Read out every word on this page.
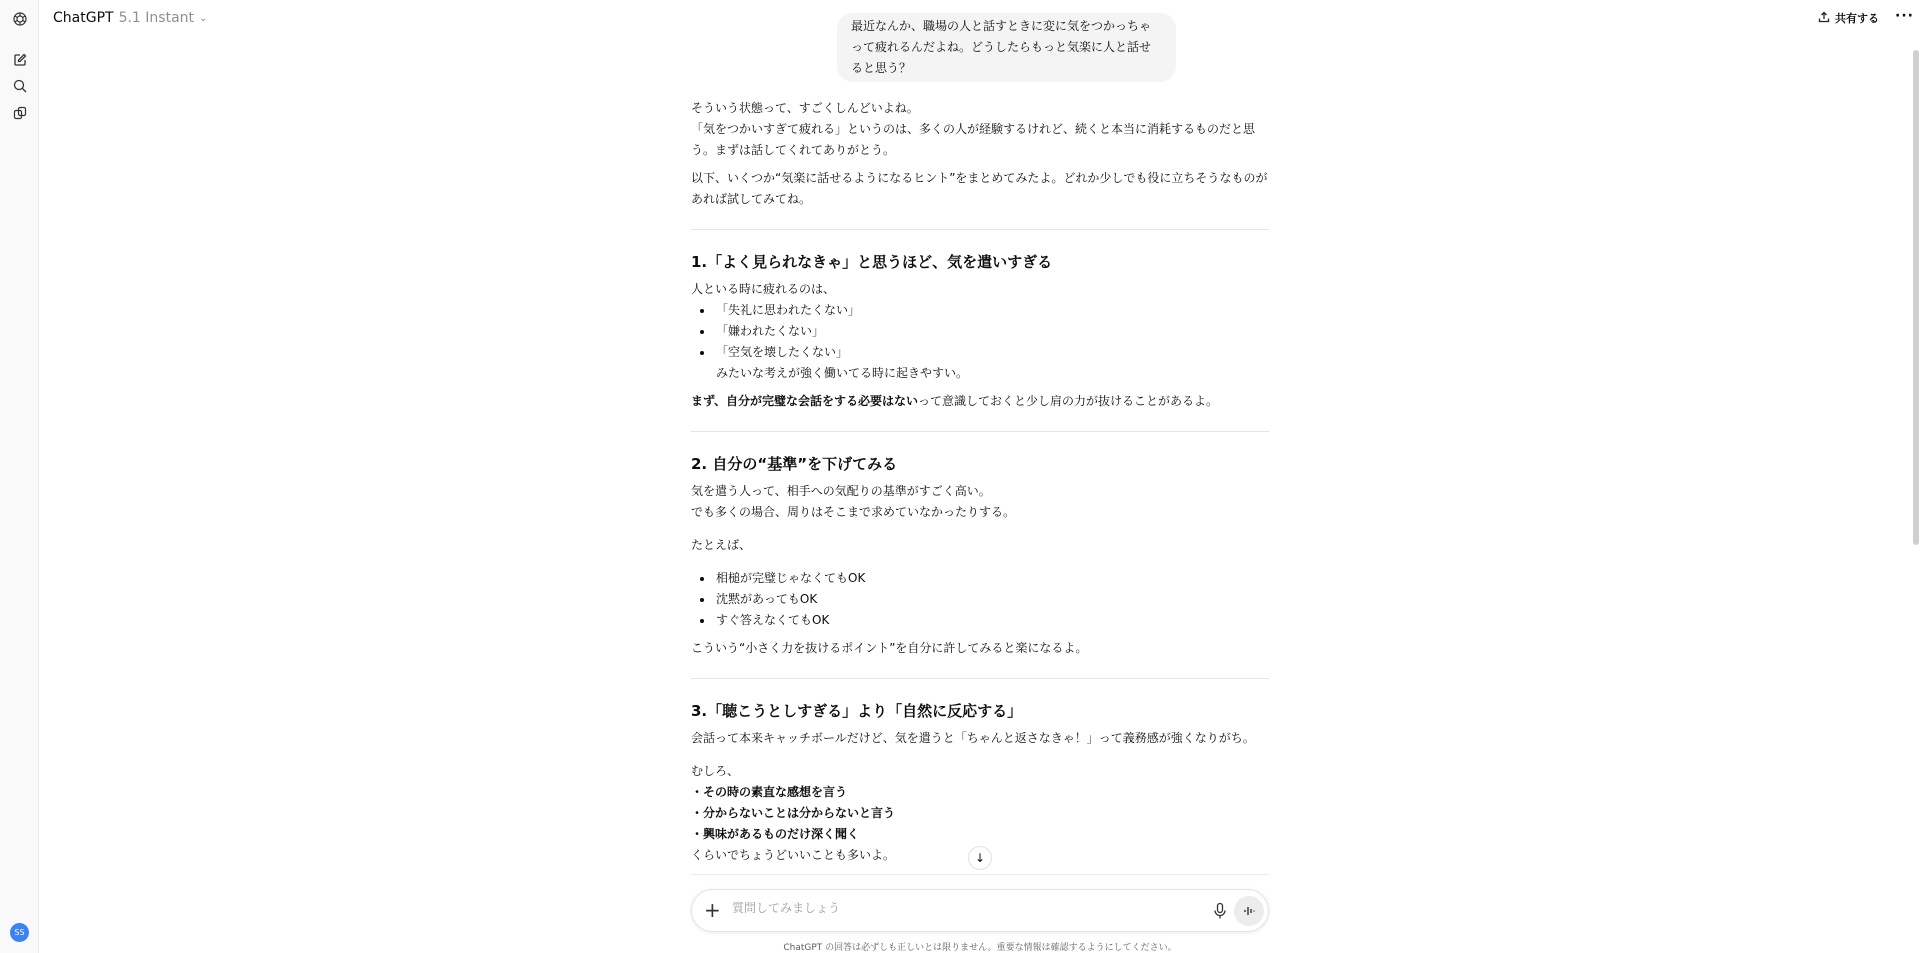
SS
ChatGPT 5.1 Instant ⌄	共有する ···
最近なんか、職場の人と話すときに変に気をつかっちゃって疲れるんだよね。どうしたらもっと気楽に人と話せると思う？

そういう状態って、すごくしんどいよね。
「気をつかいすぎて疲れる」というのは、多くの人が経験するけれど、続くと本当に消耗するものだと思う。まずは話してくれてありがとう。

以下、いくつか“気楽に話せるようになるヒント”をまとめてみたよ。どれか少しでも役に立ちそうなものがあれば試してみてね。

1.「よく見られなきゃ」と思うほど、気を遣いすぎる
人といる時に疲れるのは、
「失礼に思われたくない」
「嫌われたくない」
「空気を壊したくない」
みたいな考えが強く働いてる時に起きやすい。

まず、自分が完璧な会話をする必要はないって意識しておくと少し肩の力が抜けることがあるよ。

2. 自分の“基準”を下げてみる

気を遣う人って、相手への気配りの基準がすごく高い。
でも多くの場合、周りはそこまで求めていなかったりする。

たとえば、

相槌が完璧じゃなくてもOK
沈黙があってもOK
すぐ答えなくてもOK

こういう“小さく力を抜けるポイント”を自分に許してみると楽になるよ。

3.「聴こうとしすぎる」より「自然に反応する」

会話って本来キャッチボールだけど、気を遣うと「ちゃんと返さなきゃ！」って義務感が強くなりがち。

むしろ、
・その時の素直な感想を言う
・分からないことは分からないと言う
・興味があるものだけ深く聞く
くらいでちょうどいいことも多いよ。	↓
+
質問してみましょう
ChatGPT の回答は必ずしも正しいとは限りません。重要な情報は確認するようにしてください。
